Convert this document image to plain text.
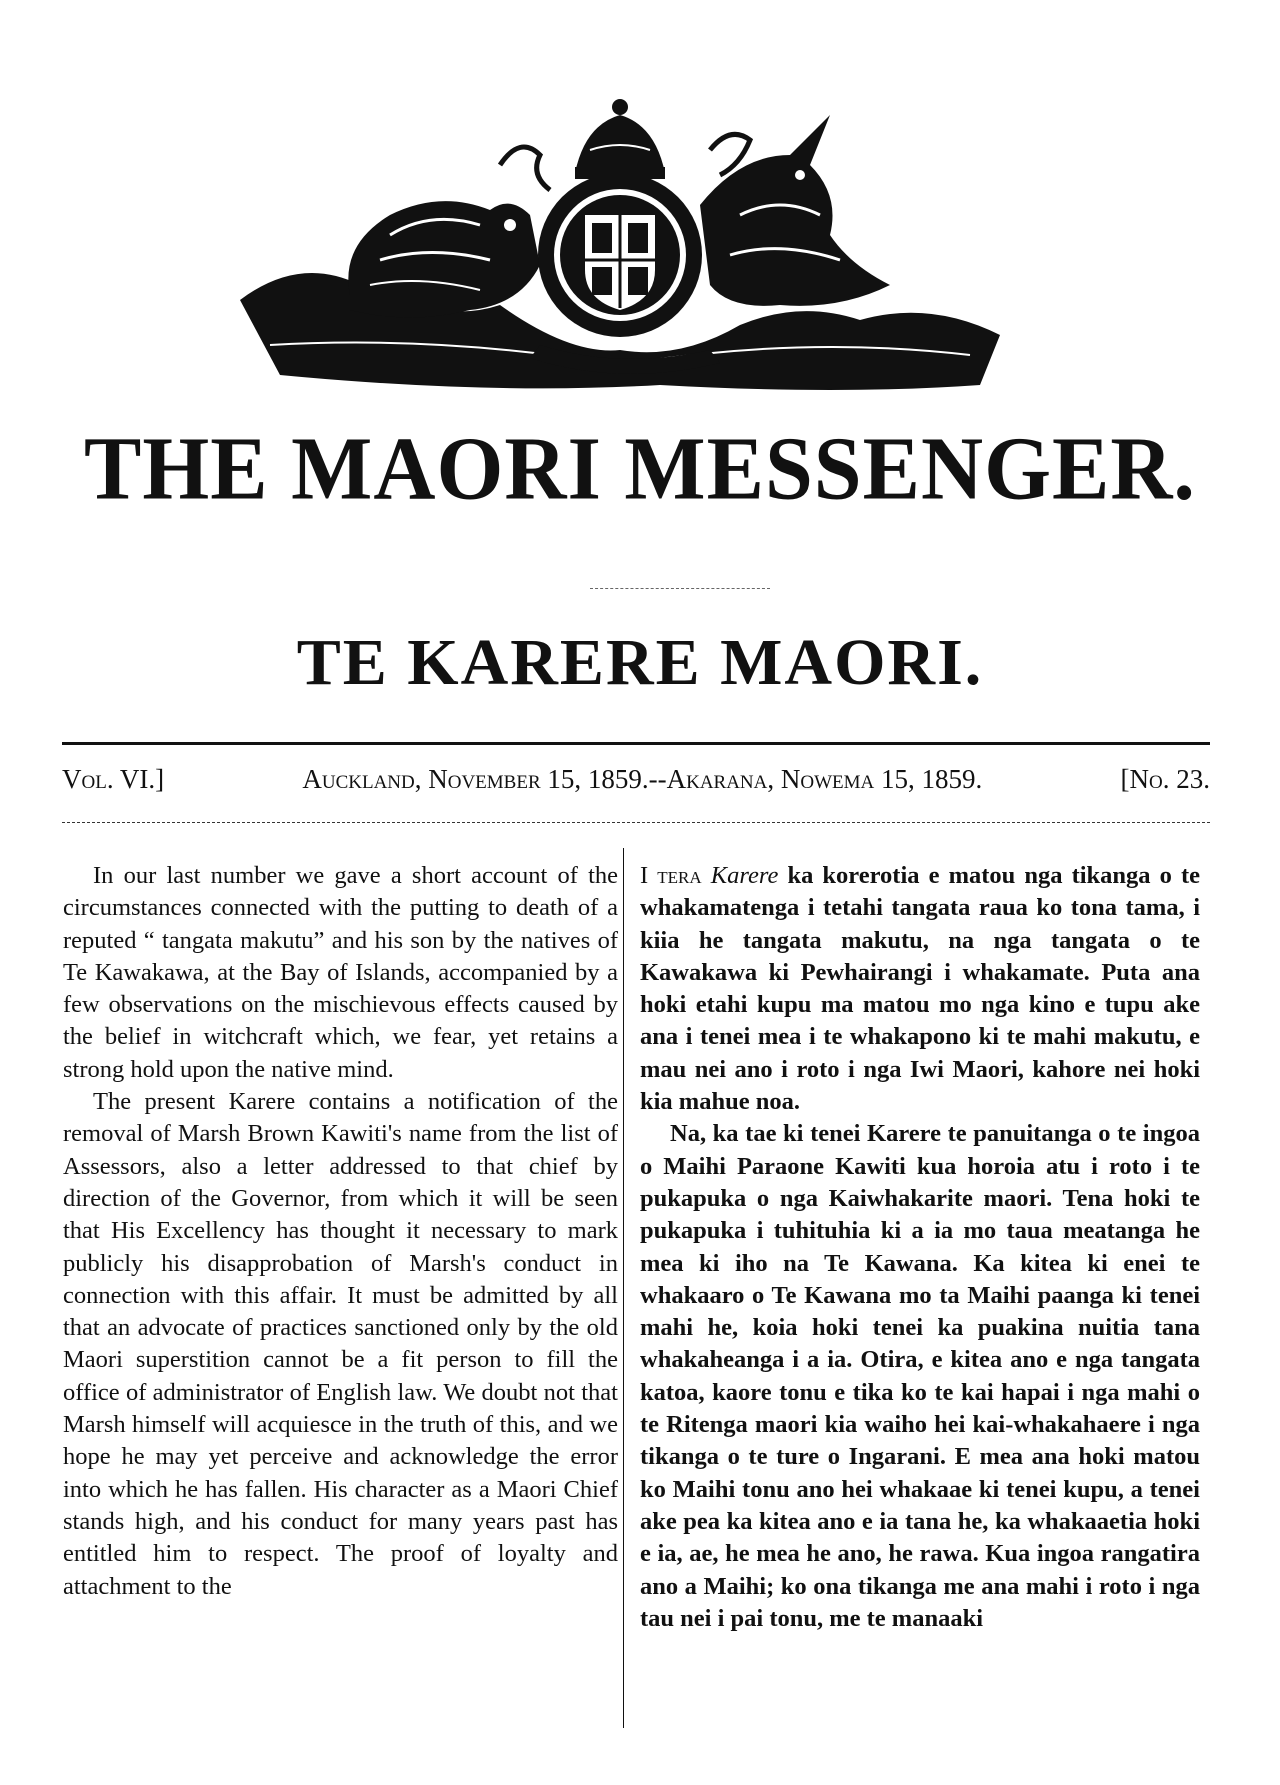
THE MAORI MESSENGER.
TE KARERE MAORI.
Vol. VI.]	Auckland, November 15, 1859.--Akarana, Nowema 15, 1859.	[No. 23.

In our last number we gave a short account of the circumstances connected with the putting to death of a reputed “ tangata makutu” and his son by the natives of Te Kawakawa, at the Bay of Islands, accompanied by a few observations on the mischievous effects caused by the belief in witchcraft which, we fear, yet retains a strong hold upon the native mind.

The present Karere contains a notification of the removal of Marsh Brown Kawiti's name from the list of Assessors, also a letter addressed to that chief by direction of the Governor, from which it will be seen that His Excellency has thought it necessary to mark publicly his disapprobation of Marsh's conduct in connection with this affair. It must be admitted by all that an advocate of practices sanctioned only by the old Maori superstition cannot be a fit person to fill the office of administrator of English law. We doubt not that Marsh himself will acquiesce in the truth of this, and we hope he may yet perceive and acknowledge the error into which he has fallen. His character as a Maori Chief stands high, and his conduct for many years past has entitled him to respect. The proof of loyalty and attachment to the

I tera Karere ka korerotia e matou nga tikanga o te whakamatenga i tetahi tangata raua ko tona tama, i kiia he tangata makutu, na nga tangata o te Kawakawa ki Pewhairangi i whakamate. Puta ana hoki etahi kupu ma matou mo nga kino e tupu ake ana i tenei mea i te whakapono ki te mahi makutu, e mau nei ano i roto i nga Iwi Maori, kahore nei hoki kia mahue noa.

Na, ka tae ki tenei Karere te panuitanga o te ingoa o Maihi Paraone Kawiti kua horoia atu i roto i te pukapuka o nga Kaiwhakarite maori. Tena hoki te pukapuka i tuhituhia ki a ia mo taua meatanga he mea ki iho na Te Kawana. Ka kitea ki enei te whakaaro o Te Kawana mo ta Maihi paanga ki tenei mahi he, koia hoki tenei ka puakina nuitia tana whakaheanga i a ia. Otira, e kitea ano e nga tangata katoa, kaore tonu e tika ko te kai hapai i nga mahi o te Ritenga maori kia waiho hei kai-whakahaere i nga tikanga o te ture o Ingarani. E mea ana hoki matou ko Maihi tonu ano hei whakaae ki tenei kupu, a tenei ake pea ka kitea ano e ia tana he, ka whakaaetia hoki e ia, ae, he mea he ano, he rawa. Kua ingoa rangatira ano a Maihi; ko ona tikanga me ana mahi i roto i nga tau nei i pai tonu, me te manaaki
